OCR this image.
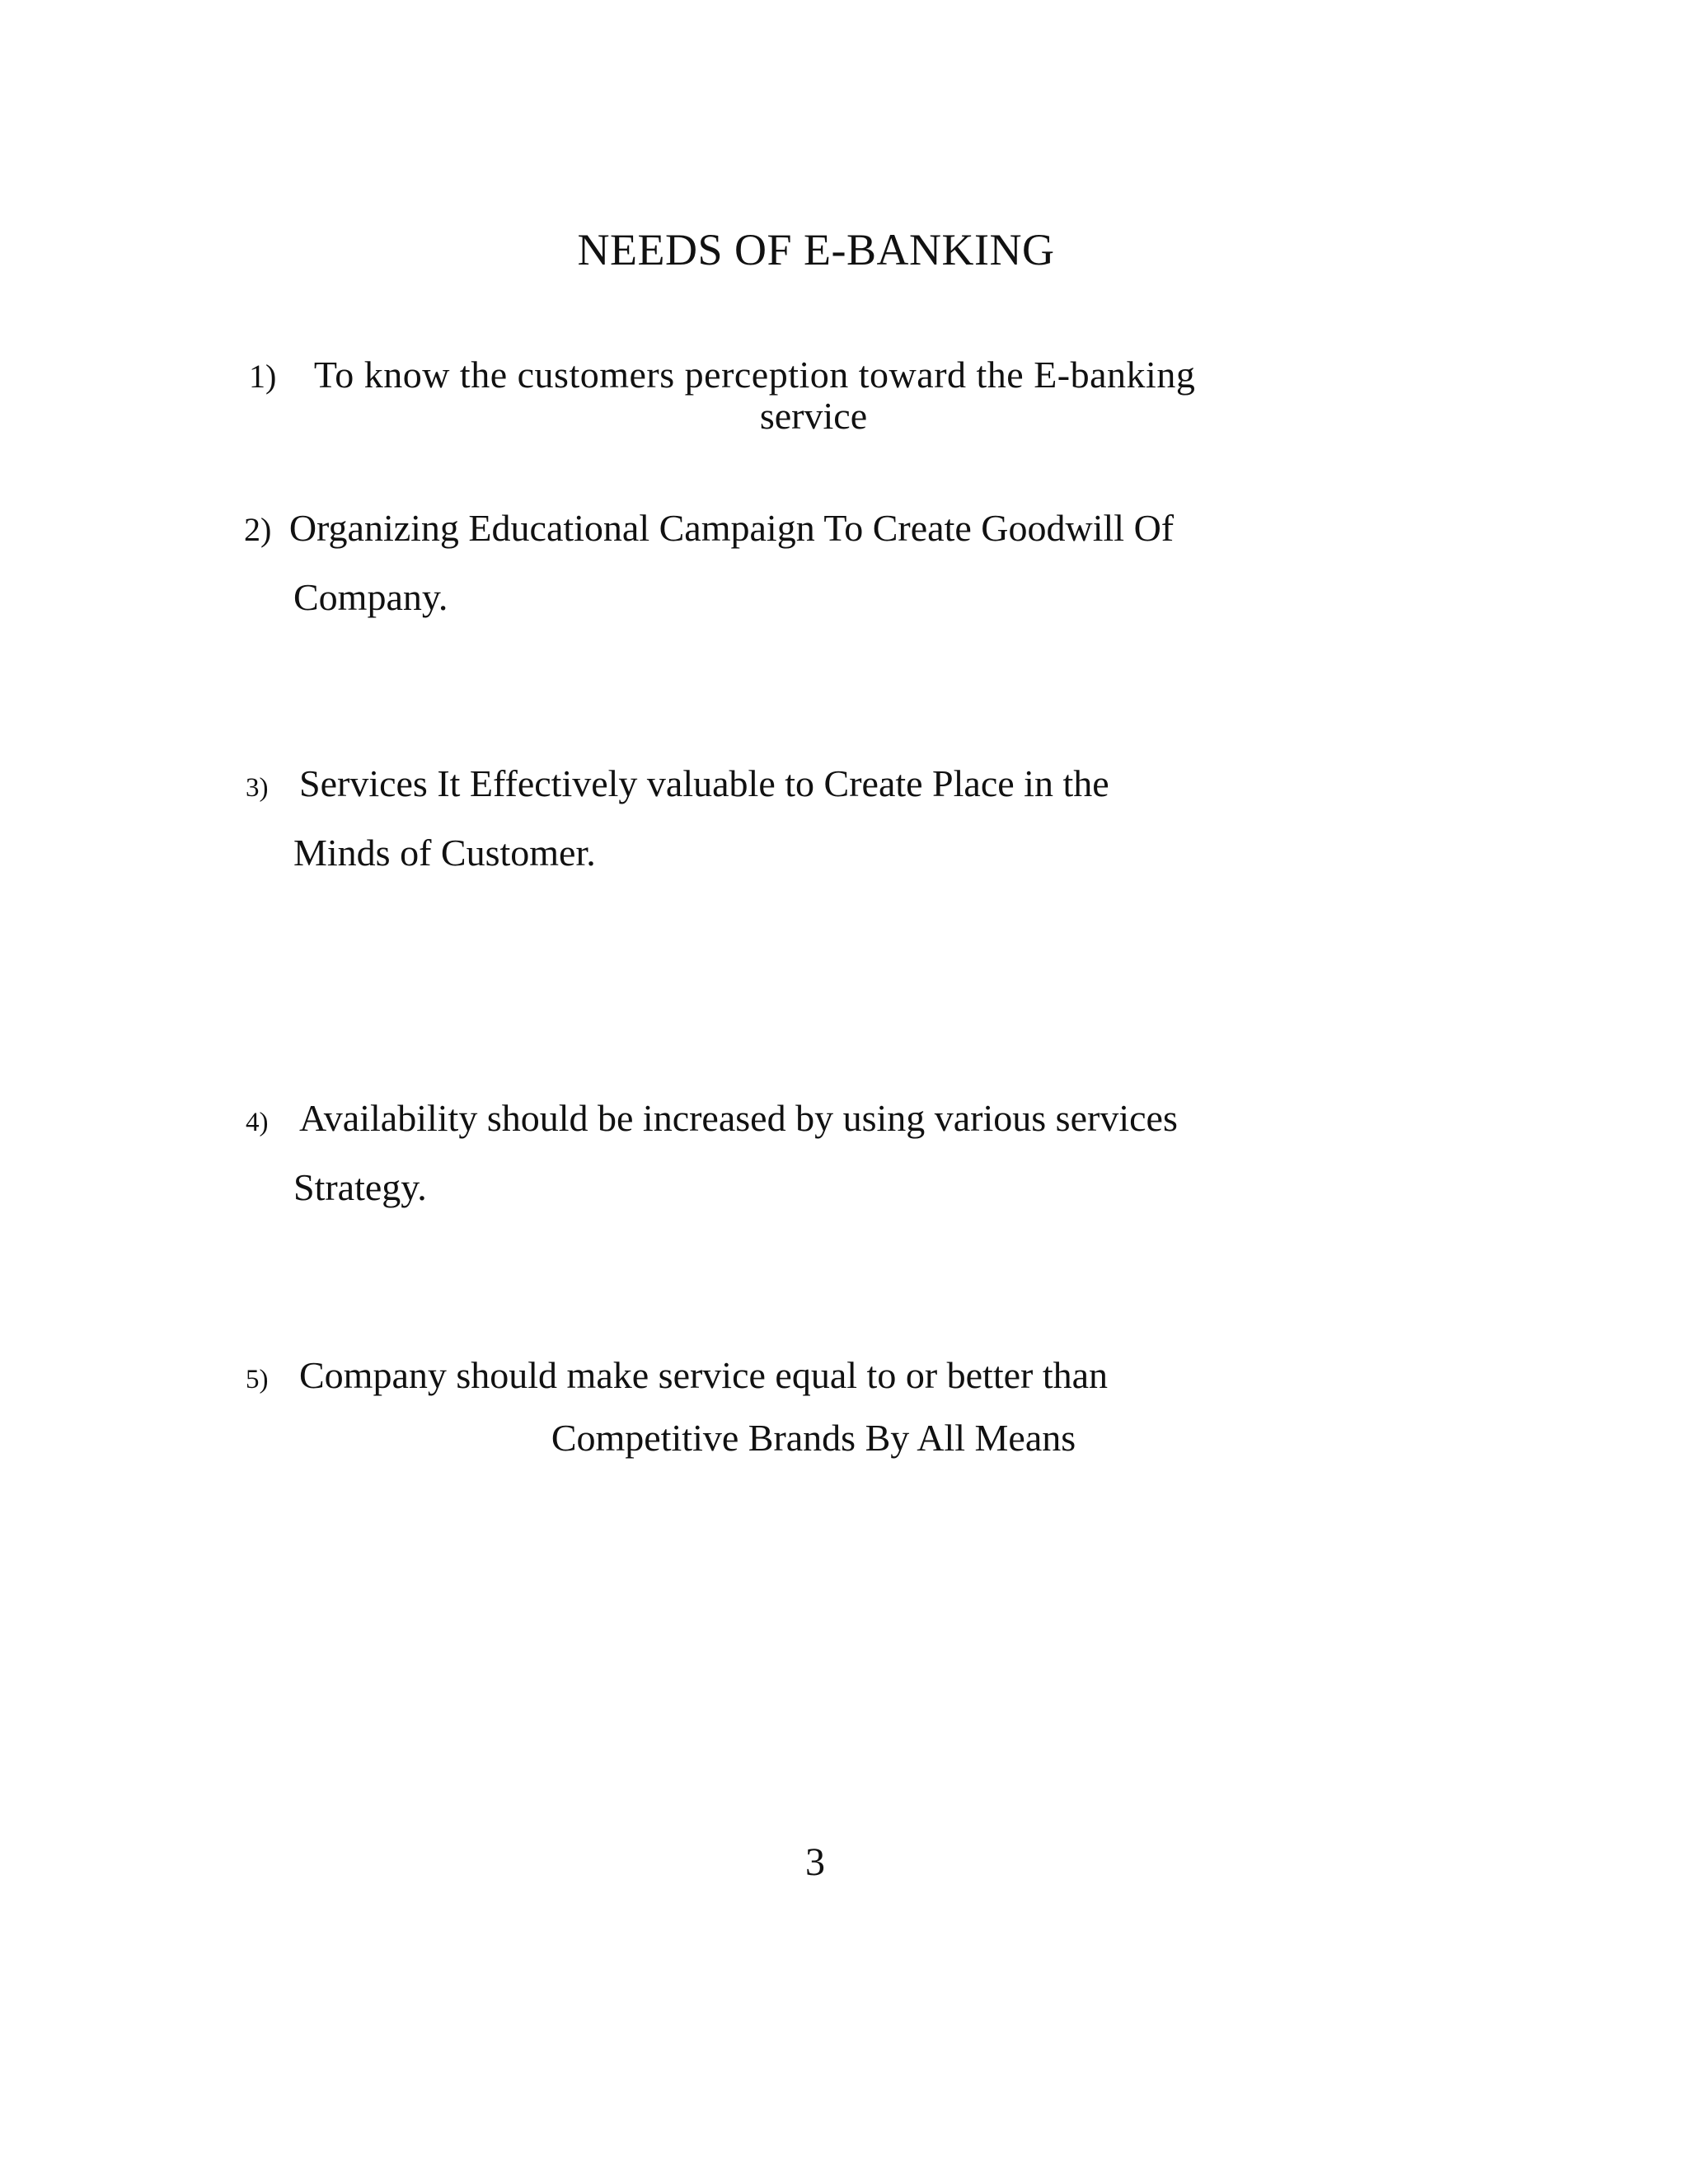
NEEDS OF E-BANKING
1) To know the customers perception toward the E-banking
service
2) Organizing Educational Campaign To Create Goodwill Of
Company.
3) Services It Effectively valuable to Create Place in the
Minds of Customer.
4) Availability should be increased by using various services
Strategy.
5) Company should make service equal to or better than
Competitive Brands By All Means
3
